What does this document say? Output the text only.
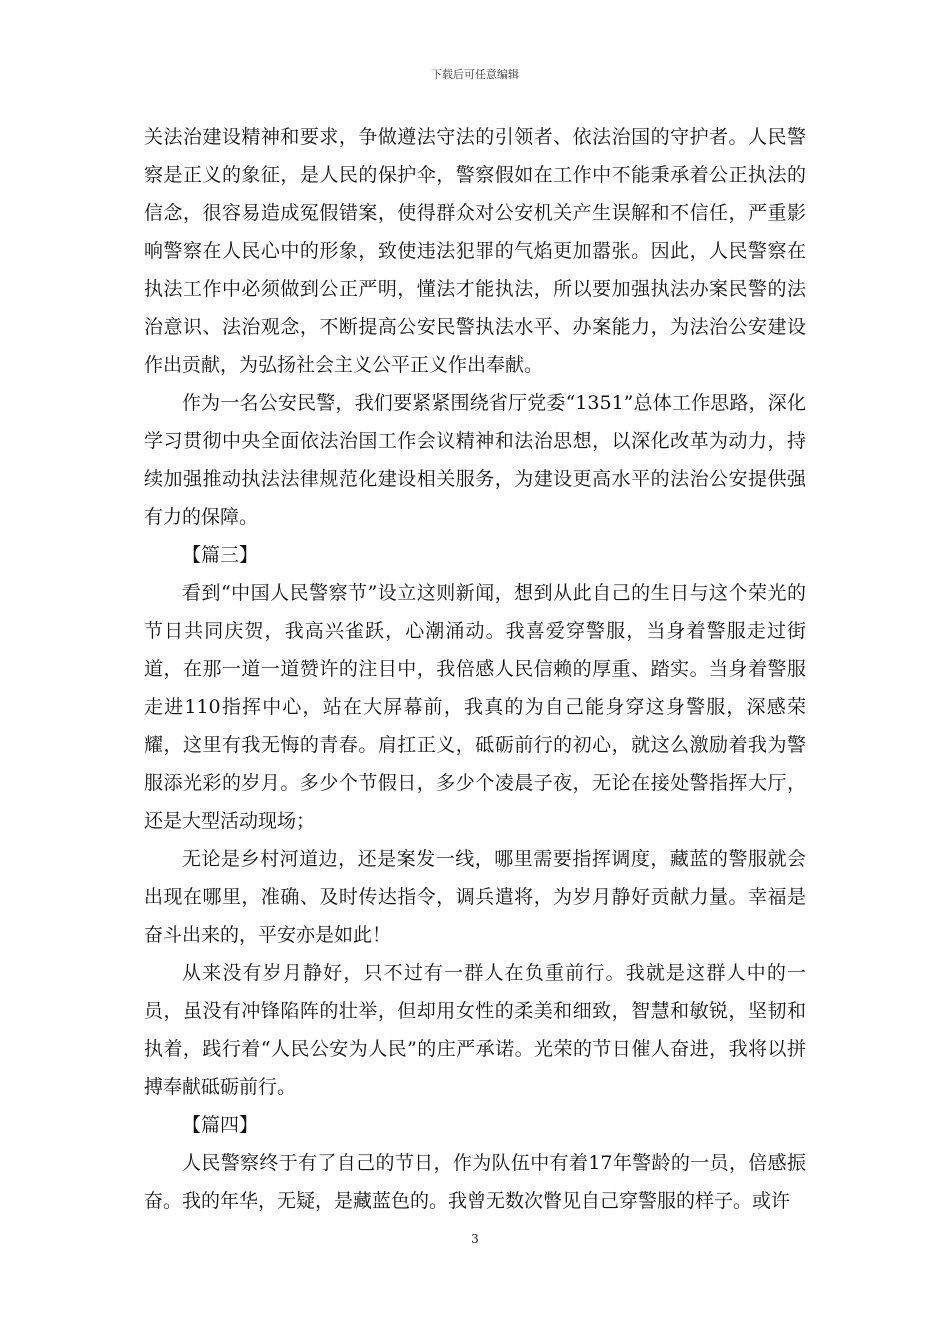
下载后可任意编辑

关法治建设精神和要求，争做遵法守法的引领者、依法治国的守护者。人民警察是正义的象征，是人民的保护伞，警察假如在工作中不能秉承着公正执法的信念，很容易造成冤假错案，使得群众对公安机关产生误解和不信任，严重影响警察在人民心中的形象，致使违法犯罪的气焰更加嚣张。因此，人民警察在执法工作中必须做到公正严明，懂法才能执法，所以要加强执法办案民警的法治意识、法治观念，不断提高公安民警执法水平、办案能力，为法治公安建设作出贡献，为弘扬社会主义公平正义作出奉献。

作为一名公安民警，我们要紧紧围绕省厅党委“1351”总体工作思路，深化学习贯彻中央全面依法治国工作会议精神和法治思想，以深化改革为动力，持续加强推动执法法律规范化建设相关服务，为建设更高水平的法治公安提供强有力的保障。

【篇三】

看到“中国人民警察节”设立这则新闻，想到从此自己的生日与这个荣光的节日共同庆贺，我高兴雀跃，心潮涌动。我喜爱穿警服，当身着警服走过街道，在那一道一道赞许的注目中，我倍感人民信赖的厚重、踏实。当身着警服走进110指挥中心，站在大屏幕前，我真的为自己能身穿这身警服，深感荣耀，这里有我无悔的青春。肩扛正义，砥砺前行的初心，就这么激励着我为警服添光彩的岁月。多少个节假日，多少个凌晨子夜，无论在接处警指挥大厅，还是大型活动现场；

无论是乡村河道边，还是案发一线，哪里需要指挥调度，藏蓝的警服就会出现在哪里，准确、及时传达指令，调兵遣将，为岁月静好贡献力量。幸福是奋斗出来的，平安亦是如此！

从来没有岁月静好，只不过有一群人在负重前行。我就是这群人中的一员，虽没有冲锋陷阵的壮举，但却用女性的柔美和细致，智慧和敏锐，坚韧和执着，践行着“人民公安为人民”的庄严承诺。光荣的节日催人奋进，我将以拼搏奉献砥砺前行。

【篇四】

人民警察终于有了自己的节日，作为队伍中有着17年警龄的一员，倍感振奋。我的年华，无疑，是藏蓝色的。我曾无数次瞥见自己穿警服的样子。或许

3
